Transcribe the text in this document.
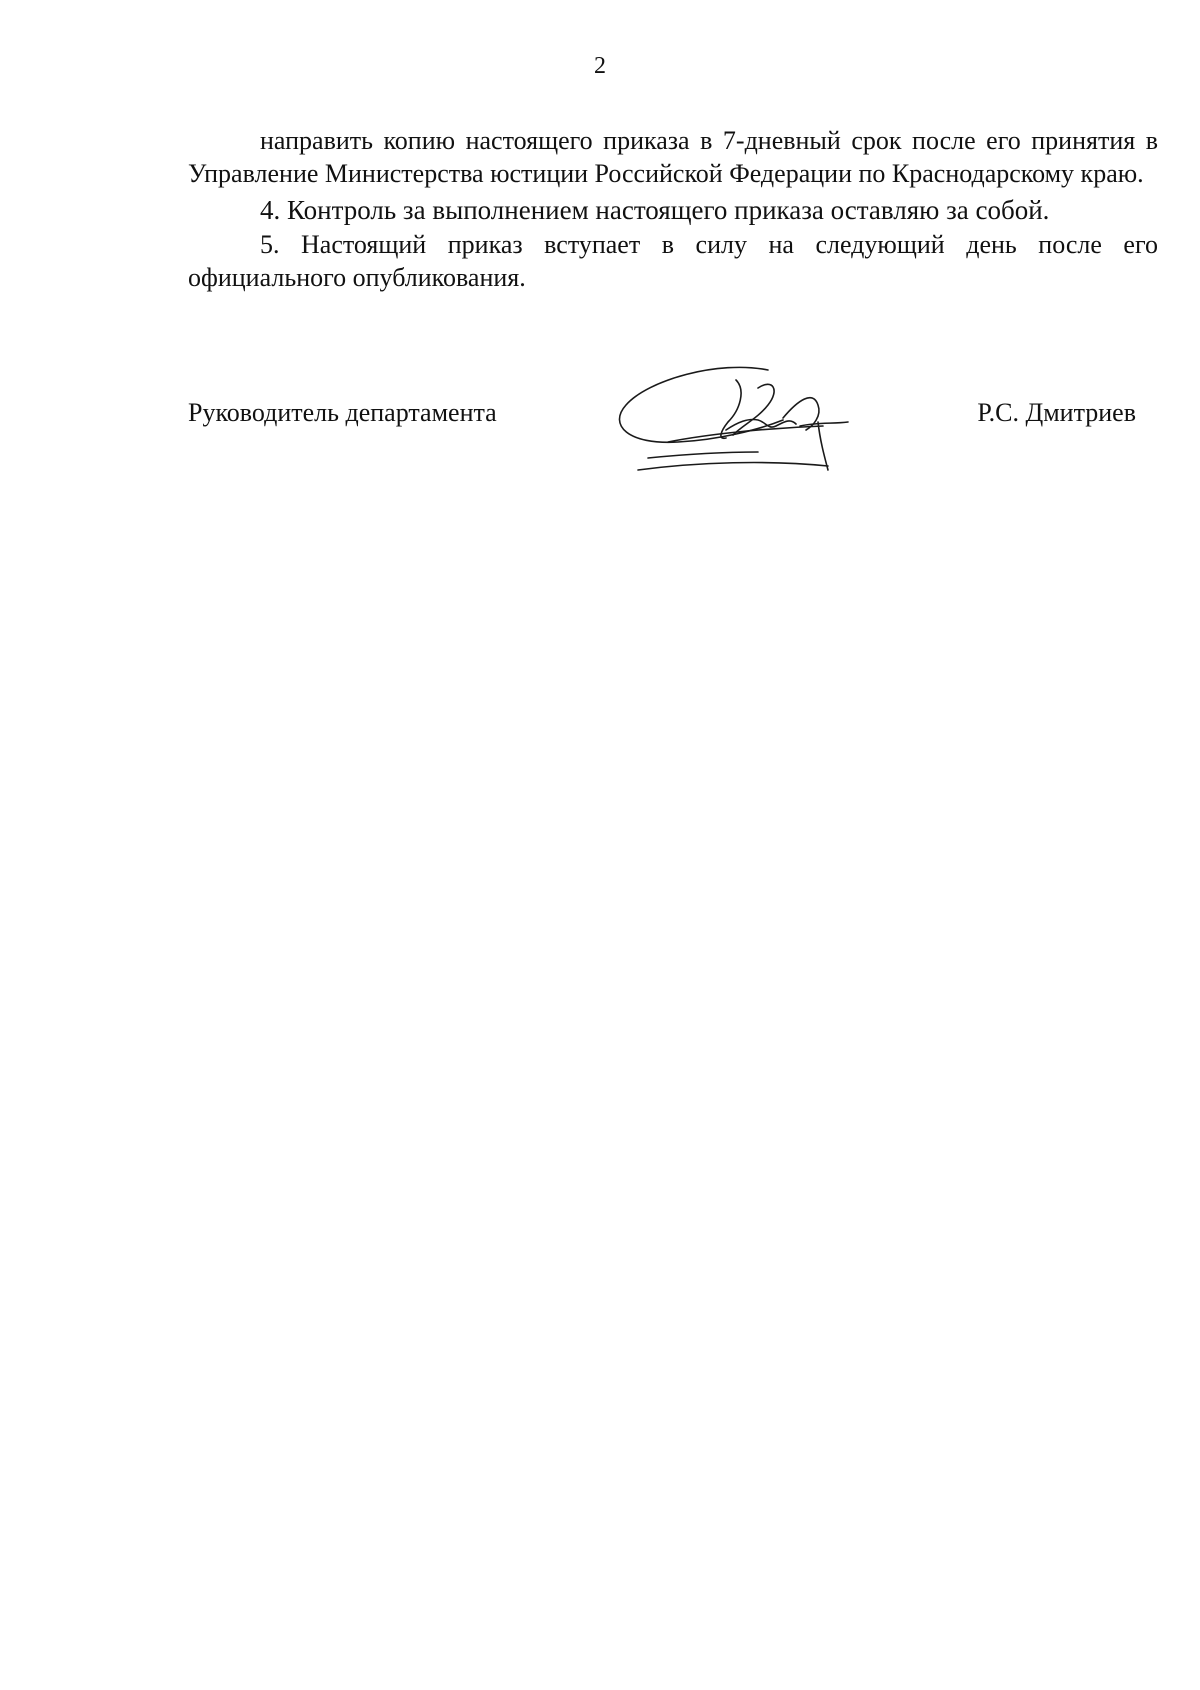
2

направить копию настоящего приказа в 7-дневный срок после его принятия в Управление Министерства юстиции Российской Федерации по Краснодарскому краю.

4. Контроль за выполнением настоящего приказа оставляю за собой.

5. Настоящий приказ вступает в силу на следующий день после его официального опубликования.

Руководитель департамента	Р.С. Дмитриев
